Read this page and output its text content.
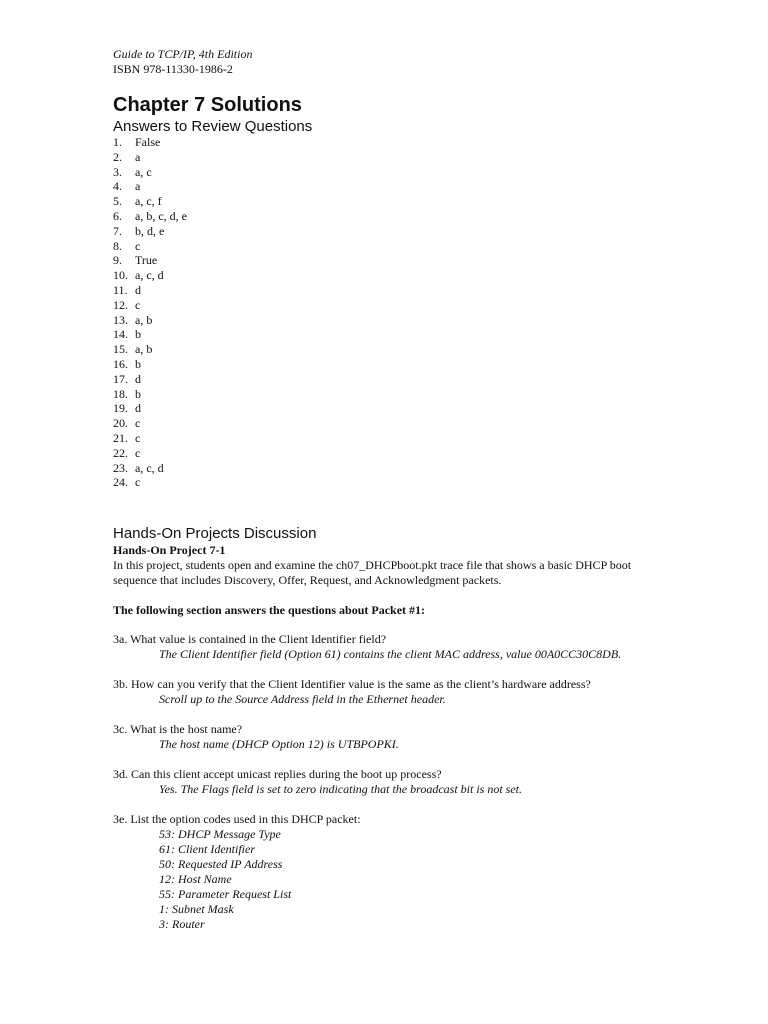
Guide to TCP/IP, 4th Edition
ISBN 978-11330-1986-2
Chapter 7 Solutions
Answers to Review Questions
1.	False
2.	a
3.	a, c
4.	a
5.	a, c, f
6.	a, b, c, d, e
7.	b, d, e
8.	c
9.	True
10. a, c, d
11. d
12. c
13. a, b
14. b
15. a, b
16. b
17. d
18. b
19. d
20. c
21. c
22. c
23. a, c, d
24. c
Hands-On Projects Discussion
Hands-On Project 7-1

In this project, students open and examine the ch07_DHCPboot.pkt trace file that shows a basic DHCP boot sequence that includes Discovery, Offer, Request, and Acknowledgment packets.

The following section answers the questions about Packet #1:
3a. What value is contained in the Client Identifier field?
The Client Identifier field (Option 61) contains the client MAC address, value 00A0CC30C8DB.
3b. How can you verify that the Client Identifier value is the same as the client’s hardware address?
Scroll up to the Source Address field in the Ethernet header.
3c. What is the host name?
The host name (DHCP Option 12) is UTBPOPKI.
3d. Can this client accept unicast replies during the boot up process?
Yes. The Flags field is set to zero indicating that the broadcast bit is not set.
3e. List the option codes used in this DHCP packet:
53: DHCP Message Type
61: Client Identifier
50: Requested IP Address
12: Host Name
55: Parameter Request List
1: Subnet Mask
3: Router
